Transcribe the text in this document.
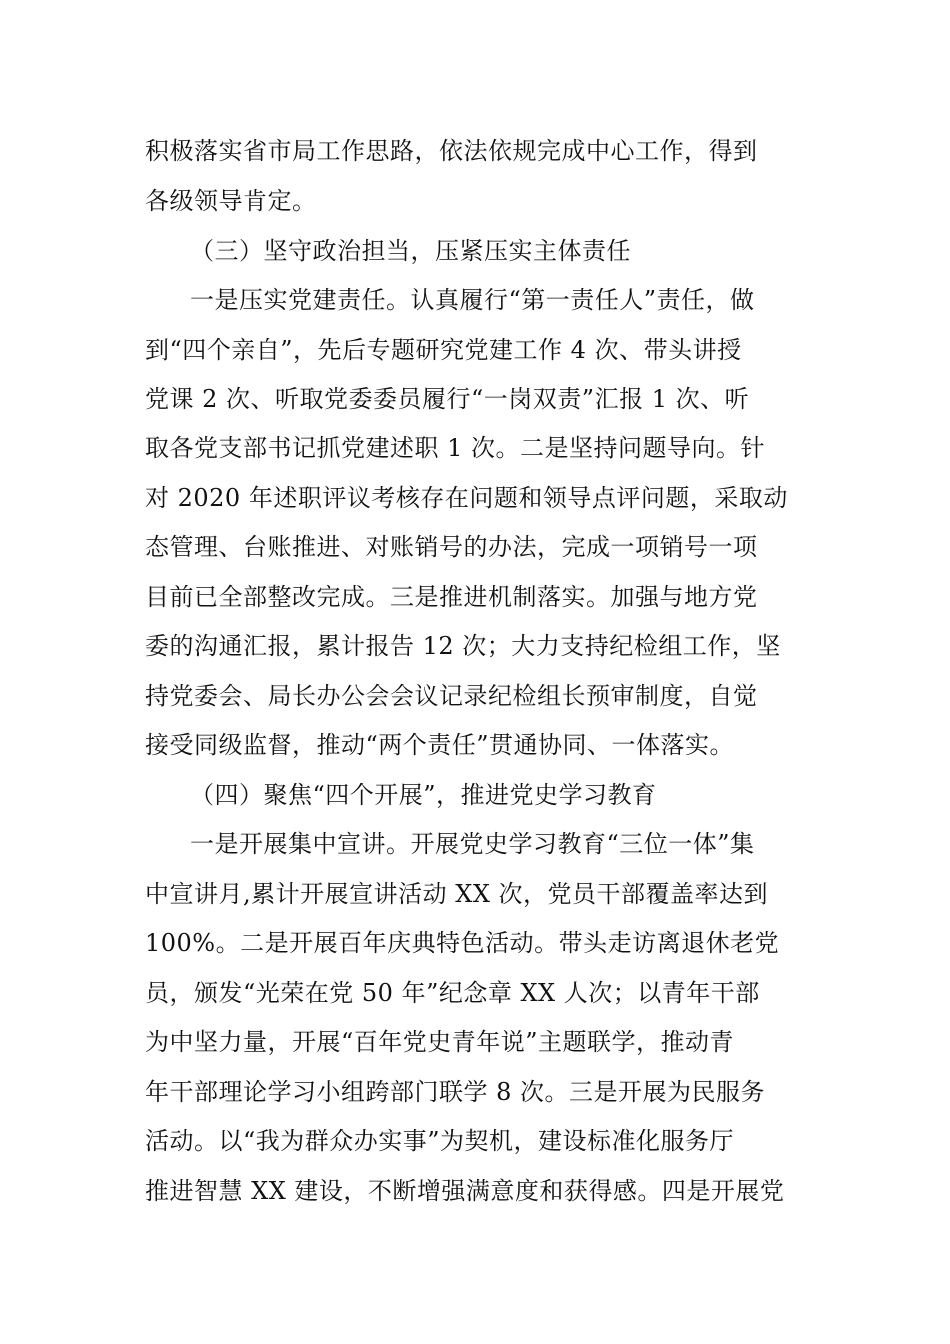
积极落实省市局工作思路，依法依规完成中心工作，得到
各级领导肯定。
（三）坚守政治担当，压紧压实主体责任
一是压实党建责任。认真履行“第一责任人”责任，做
到“四个亲自”，先后专题研究党建工作 4 次、带头讲授
党课 2 次、听取党委委员履行“一岗双责”汇报 1 次、听
取各党支部书记抓党建述职 1 次。二是坚持问题导向。针
对 2020 年述职评议考核存在问题和领导点评问题，采取动
态管理、台账推进、对账销号的办法，完成一项销号一项
目前已全部整改完成。三是推进机制落实。加强与地方党
委的沟通汇报，累计报告 12 次；大力支持纪检组工作，坚
持党委会、局长办公会会议记录纪检组长预审制度，自觉
接受同级监督，推动“两个责任”贯通协同、一体落实。
（四）聚焦“四个开展”，推进党史学习教育
一是开展集中宣讲。开展党史学习教育“三位一体”集
中宣讲月,累计开展宣讲活动 XX 次，党员干部覆盖率达到
100%。二是开展百年庆典特色活动。带头走访离退休老党
员，颁发“光荣在党 50 年”纪念章 XX 人次；以青年干部
为中坚力量，开展“百年党史青年说”主题联学，推动青
年干部理论学习小组跨部门联学 8 次。三是开展为民服务
活动。以“我为群众办实事”为契机，建设标准化服务厅
推进智慧 XX 建设，不断增强满意度和获得感。四是开展党
